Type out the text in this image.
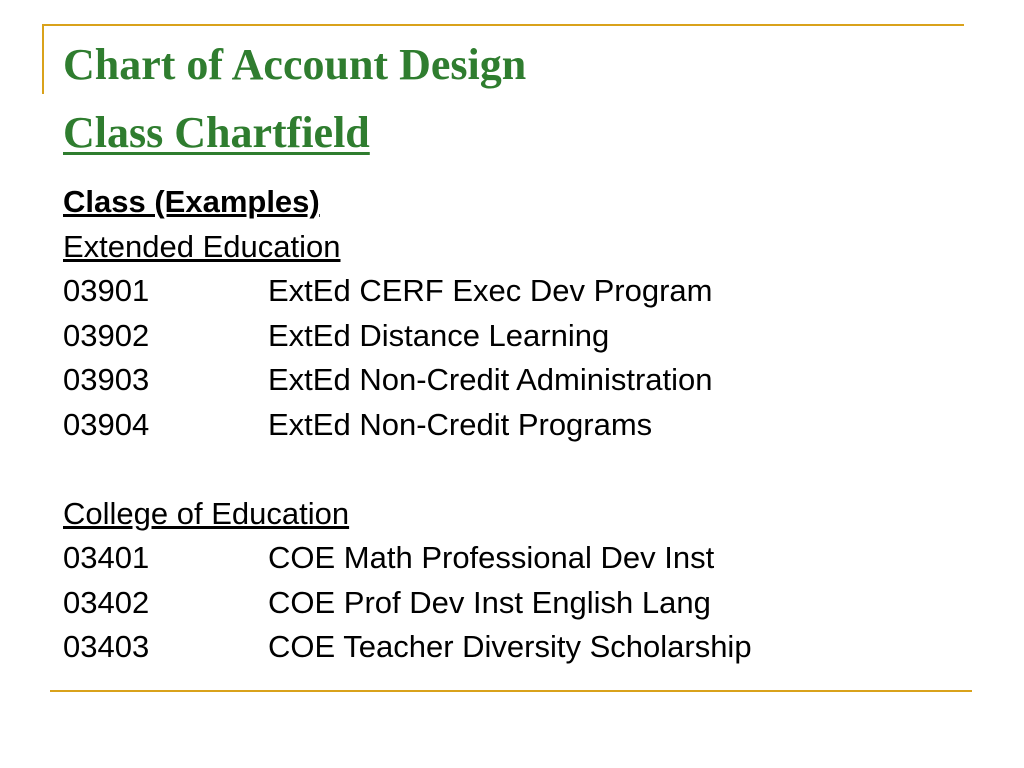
Chart of Account Design
Class Chartfield
Class (Examples)
Extended Education
03901	ExtEd CERF Exec Dev Program
03902	ExtEd Distance Learning
03903	ExtEd Non-Credit Administration
03904	ExtEd Non-Credit Programs
College of Education
03401	COE Math Professional Dev Inst
03402	COE Prof Dev Inst English Lang
03403	COE Teacher Diversity Scholarship
